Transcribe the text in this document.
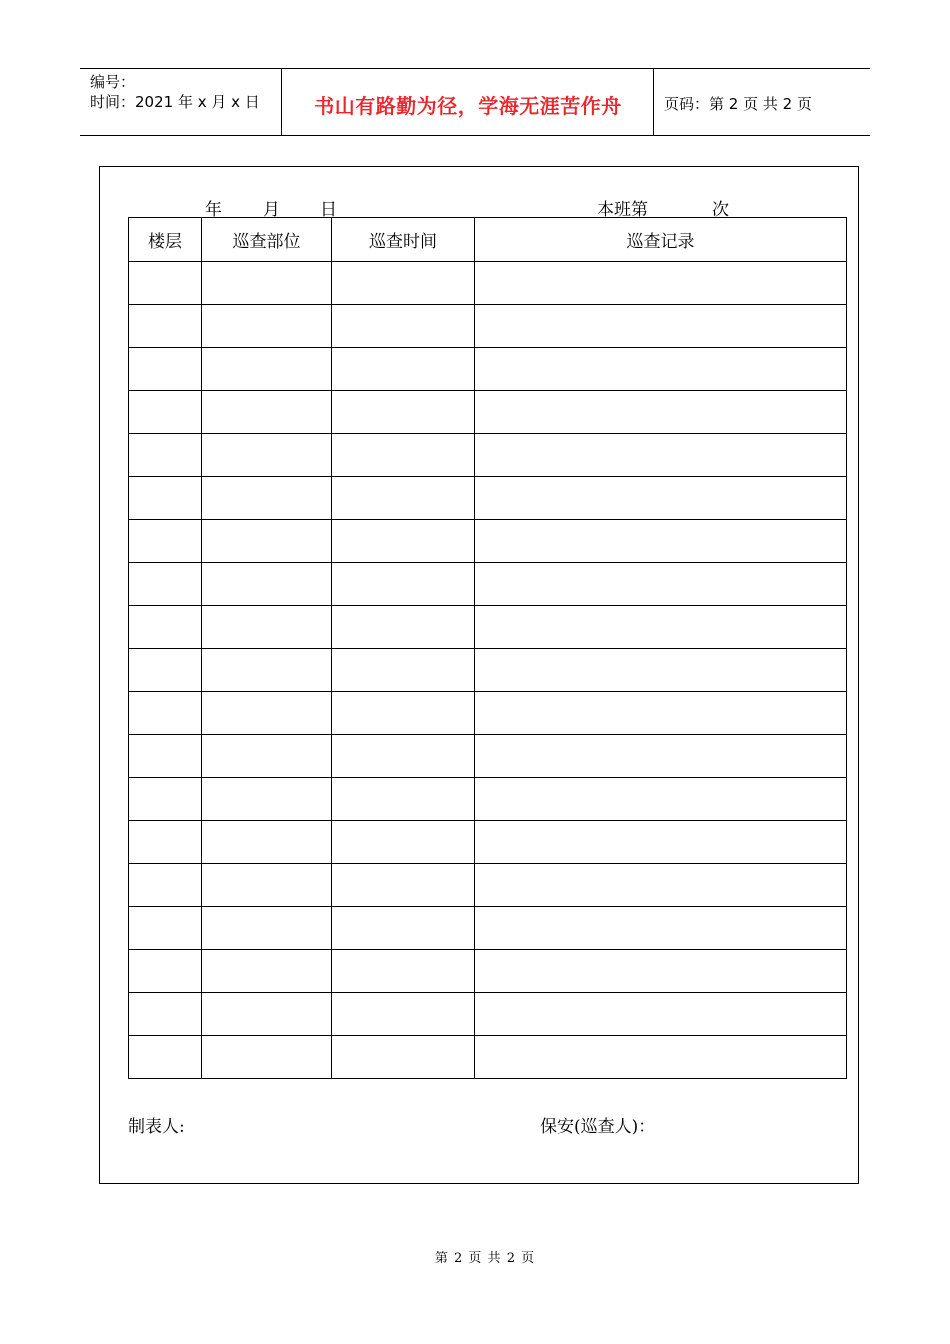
编号：
时间：2021 年 x 月 x 日	书山有路勤为径，学海无涯苦作舟	页码：第 2 页 共 2 页
年 月 日	本班第	次
楼层	巡查部位	巡查时间	巡查记录

制表人:	保安(巡查人)：
第 2 页 共 2 页
